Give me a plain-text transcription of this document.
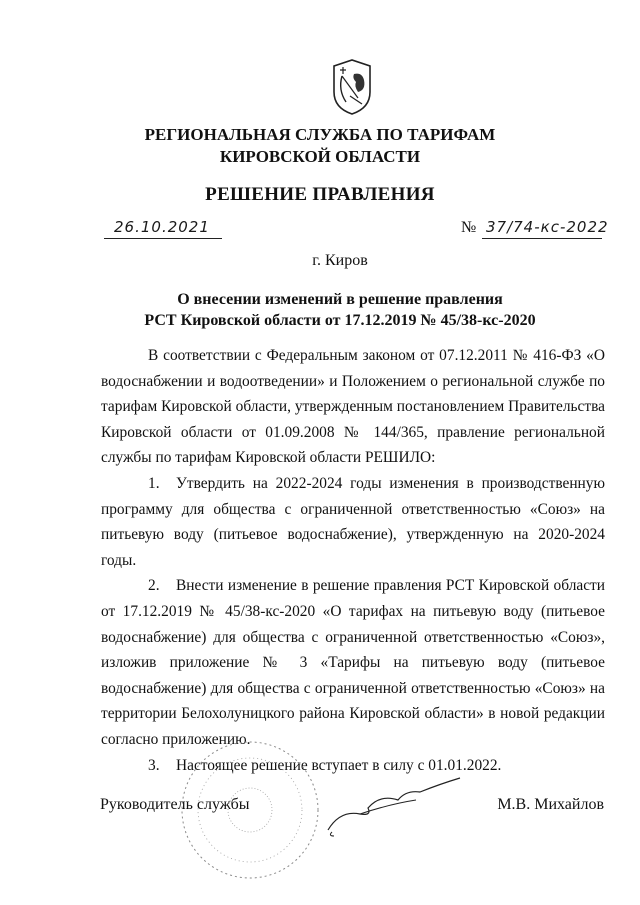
РЕГИОНАЛЬНАЯ СЛУЖБА ПО ТАРИФАМ
КИРОВСКОЙ ОБЛАСТИ
РЕШЕНИЕ ПРАВЛЕНИЯ
26.10.2021	№ 37/74-кс-2022
г. Киров
О внесении изменений в решение правления
РСТ Кировской области от 17.12.2019 № 45/38-кс-2020

В соответствии с Федеральным законом от 07.12.2011 № 416-ФЗ «О водоснабжении и водоотведении» и Положением о региональной службе по тарифам Кировской области, утвержденным постановлением Правительства Кировской области от 01.09.2008 № 144/365, правление региональной службы по тарифам Кировской области РЕШИЛО:

1. Утвердить на 2022-2024 годы изменения в производственную программу для общества с ограниченной ответственностью «Союз» на питьевую воду (питьевое водоснабжение), утвержденную на 2020-2024 годы.

2. Внести изменение в решение правления РСТ Кировской области от 17.12.2019 № 45/38-кс-2020 «О тарифах на питьевую воду (питьевое водоснабжение) для общества с ограниченной ответственностью «Союз», изложив приложение № 3 «Тарифы на питьевую воду (питьевое водоснабжение) для общества с ограниченной ответственностью «Союз» на территории Белохолуницкого района Кировской области» в новой редакции согласно приложению.

3. Настоящее решение вступает в силу с 01.01.2022.

Руководитель службы	М.В. Михайлов
